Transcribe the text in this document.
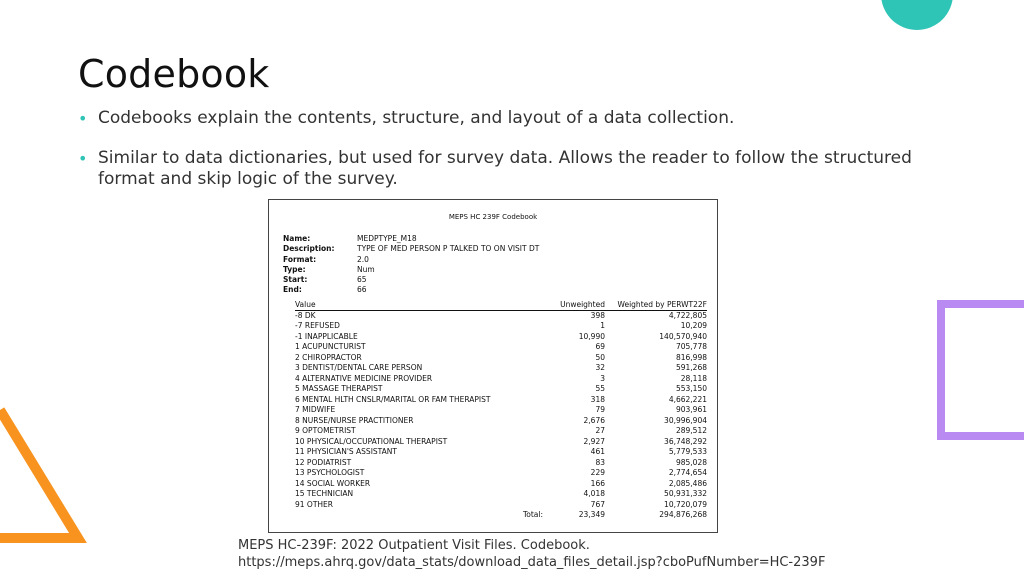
Codebook
• Codebooks explain the contents, structure, and layout of a data collection.
• Similar to data dictionaries, but used for survey data. Allows the reader to follow the structured format and skip logic of the survey.
MEPS HC 239F Codebook
Name:	MEDPTYPE_M18
Description:	TYPE OF MED PERSON P TALKED TO ON VISIT DT
Format:	2.0
Type:	Num
Start:	65
End:	66
Value	Unweighted	Weighted by PERWT22F
-8 DK	398	4,722,805
-7 REFUSED	1	10,209
-1 INAPPLICABLE	10,990	140,570,940
1 ACUPUNCTURIST	69	705,778
2 CHIROPRACTOR	50	816,998
3 DENTIST/DENTAL CARE PERSON	32	591,268
4 ALTERNATIVE MEDICINE PROVIDER	3	28,118
5 MASSAGE THERAPIST	55	553,150
6 MENTAL HLTH CNSLR/MARITAL OR FAM THERAPIST	318	4,662,221
7 MIDWIFE	79	903,961
8 NURSE/NURSE PRACTITIONER	2,676	30,996,904
9 OPTOMETRIST	27	289,512
10 PHYSICAL/OCCUPATIONAL THERAPIST	2,927	36,748,292
11 PHYSICIAN'S ASSISTANT	461	5,779,533
12 PODIATRIST	83	985,028
13 PSYCHOLOGIST	229	2,774,654
14 SOCIAL WORKER	166	2,085,486
15 TECHNICIAN	4,018	50,931,332
91 OTHER	767	10,720,079
Total:	23,349	294,876,268
MEPS HC-239F: 2022 Outpatient Visit Files. Codebook.
https://meps.ahrq.gov/data_stats/download_data_files_detail.jsp?cboPufNumber=HC-239F
